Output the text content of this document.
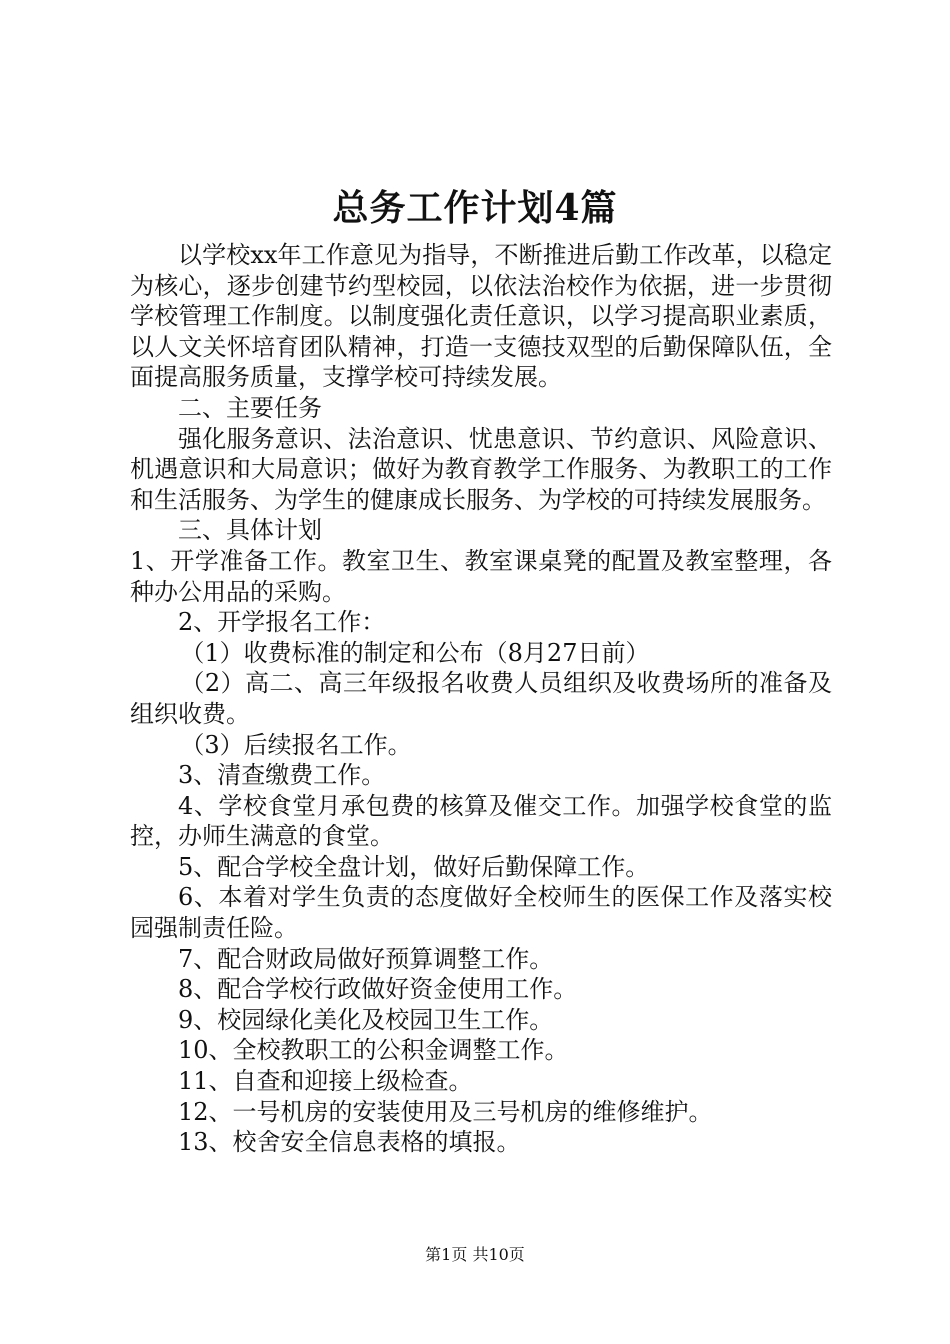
总务工作计划4篇

以学校xx年工作意见为指导，不断推进后勤工作改革，以稳定为核心，逐步创建节约型校园，以依法治校作为依据，进一步贯彻学校管理工作制度。以制度强化责任意识，以学习提高职业素质，以人文关怀培育团队精神，打造一支德技双型的后勤保障队伍，全面提高服务质量，支撑学校可持续发展。

二、主要任务

强化服务意识、法治意识、忧患意识、节约意识、风险意识、机遇意识和大局意识；做好为教育教学工作服务、为教职工的工作和生活服务、为学生的健康成长服务、为学校的可持续发展服务。

三、具体计划

1、开学准备工作。教室卫生、教室课桌凳的配置及教室整理，各种办公用品的采购。

2、开学报名工作：

（1）收费标准的制定和公布（8月27日前）

（2）高二、高三年级报名收费人员组织及收费场所的准备及组织收费。

（3）后续报名工作。

3、清查缴费工作。

4、学校食堂月承包费的核算及催交工作。加强学校食堂的监控，办师生满意的食堂。

5、配合学校全盘计划，做好后勤保障工作。

6、本着对学生负责的态度做好全校师生的医保工作及落实校园强制责任险。

7、配合财政局做好预算调整工作。

8、配合学校行政做好资金使用工作。

9、校园绿化美化及校园卫生工作。

10、全校教职工的公积金调整工作。

11、自查和迎接上级检查。

12、一号机房的安装使用及三号机房的维修维护。

13、校舍安全信息表格的填报。

第1页 共10页
